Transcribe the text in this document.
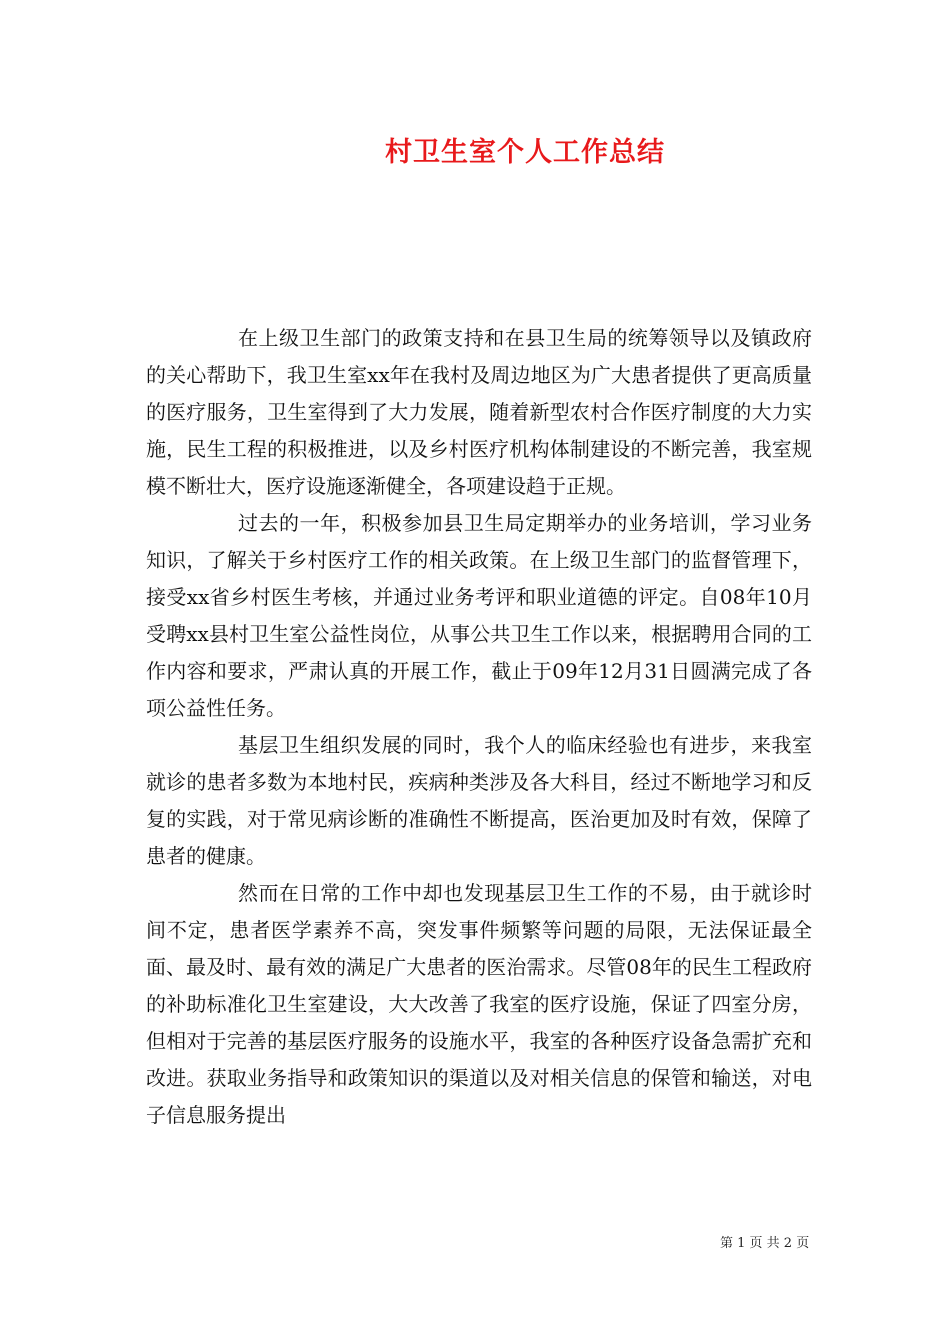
村卫生室个人工作总结

在上级卫生部门的政策支持和在县卫生局的统筹领导以及镇政府的关心帮助下，我卫生室xx年在我村及周边地区为广大患者提供了更高质量的医疗服务，卫生室得到了大力发展，随着新型农村合作医疗制度的大力实施，民生工程的积极推进，以及乡村医疗机构体制建设的不断完善，我室规模不断壮大，医疗设施逐渐健全，各项建设趋于正规。

过去的一年，积极参加县卫生局定期举办的业务培训，学习业务知识，了解关于乡村医疗工作的相关政策。在上级卫生部门的监督管理下，接受xx省乡村医生考核，并通过业务考评和职业道德的评定。自08年10月受聘xx县村卫生室公益性岗位，从事公共卫生工作以来，根据聘用合同的工作内容和要求，严肃认真的开展工作，截止于09年12月31日圆满完成了各项公益性任务。

基层卫生组织发展的同时，我个人的临床经验也有进步，来我室就诊的患者多数为本地村民，疾病种类涉及各大科目，经过不断地学习和反复的实践，对于常见病诊断的准确性不断提高，医治更加及时有效，保障了患者的健康。

然而在日常的工作中却也发现基层卫生工作的不易，由于就诊时间不定，患者医学素养不高，突发事件频繁等问题的局限，无法保证最全面、最及时、最有效的满足广大患者的医治需求。尽管08年的民生工程政府的补助标准化卫生室建设，大大改善了我室的医疗设施，保证了四室分房，但相对于完善的基层医疗服务的设施水平，我室的各种医疗设备急需扩充和改进。获取业务指导和政策知识的渠道以及对相关信息的保管和输送，对电子信息服务提出

第 1 页 共 2 页
